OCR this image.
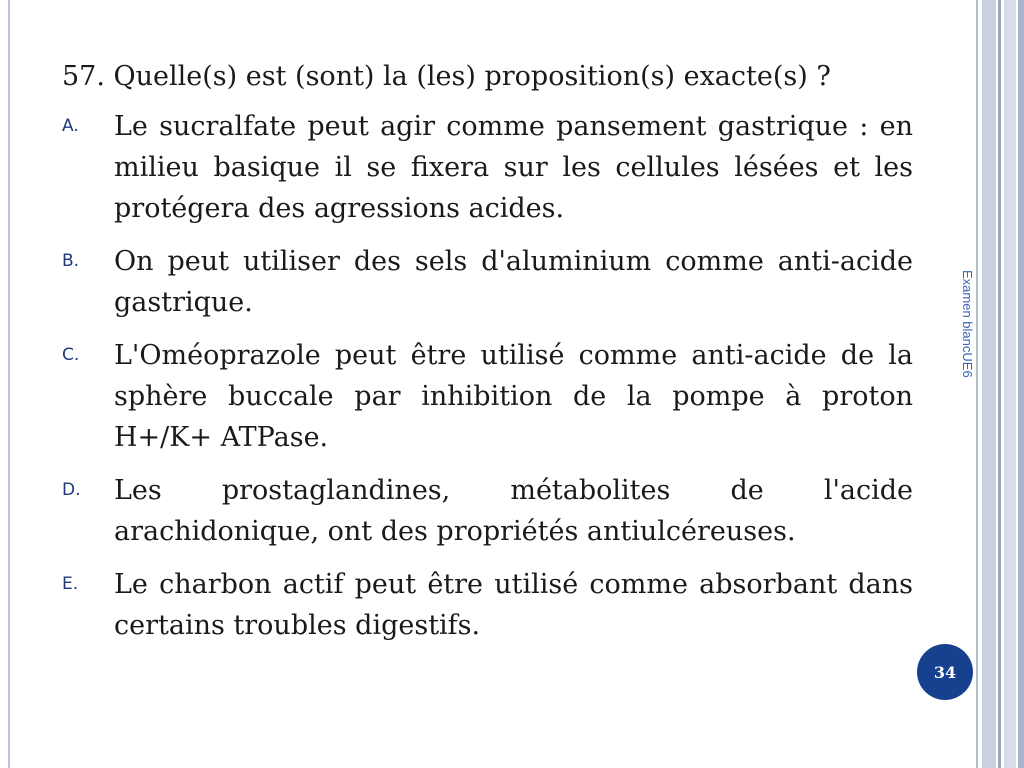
57. Quelle(s) est (sont) la (les) proposition(s) exacte(s) ?

A.	Le sucralfate peut agir comme pansement gastrique : en milieu basique il se fixera sur les cellules lésées et les protégera des agressions acides.
B.	On peut utiliser des sels d'aluminium comme anti-acide gastrique.
C.	L'Oméoprazole peut être utilisé comme anti-acide de la sphère buccale par inhibition de la pompe à proton H+/K+ ATPase.
D.	Les prostaglandines, métabolites de l'acide arachidonique, ont des propriétés antiulcéreuses.
E.	Le charbon actif peut être utilisé comme absorbant dans certains troubles digestifs.
Examen blancUE6
34
